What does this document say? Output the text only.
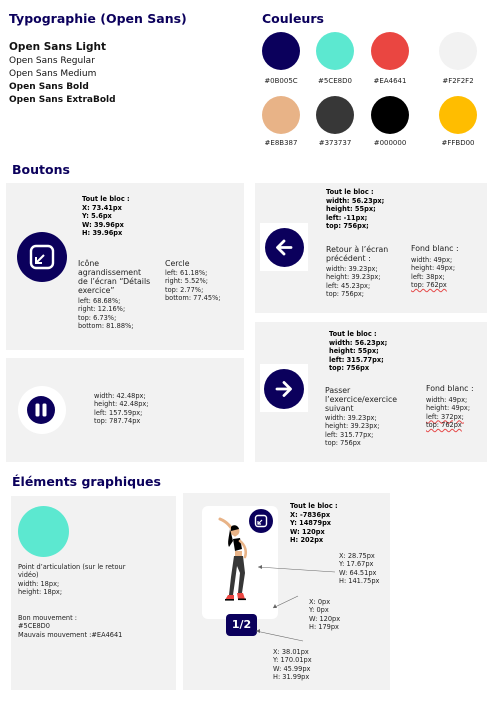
Typographie (Open Sans)
Open Sans Light
Open Sans Regular
Open Sans Medium
Open Sans Bold
Open Sans ExtraBold
Couleurs
#0B005C	#5CE8D0	#EA4641	#F2F2F2
#E8B387	#373737	#000000	#FFBD00
Boutons
Tout le bloc :
X: 73.41px
Y: 5.6px
W: 39.96px
H: 39.96px
Icône
agrandissement
de l’écran “Détails
exercice”
left: 68.68%;
right: 12.16%;
top: 6.73%;
bottom: 81.88%;
Cercle
left: 61.18%;
right: 5.52%;
top: 2.77%;
bottom: 77.45%;
width: 42.48px;
height: 42.48px;
left: 157.59px;
top: 787.74px
Tout le bloc :
width: 56.23px;
height: 55px;
left: -11px;
top: 756px;
Retour à l’écran
précédent :
width: 39.23px;
height: 39.23px;
left: 45.23px;
top: 756px;
Fond blanc :
width: 49px;
height: 49px;
left: 38px;
top: 762px
Tout le bloc :
width: 56.23px;
height: 55px;
left: 315.77px;
top: 756px
Passer
l’exercice/exercice
suivant
width: 39.23px;
height: 39.23px;
left: 315.77px;
top: 756px
Fond blanc :
width: 49px;
height: 49px;
left: 372px;
top: 762px
Éléments graphiques
Point d’articulation (sur le retour
vidéo)
width: 18px;
height: 18px;
Bon mouvement :
#5CE8D0
Mauvais mouvement :#EA4641
1/2
Tout le bloc :
X: -7836px
Y: 14879px
W: 120px
H: 202px
X: 28.75px
Y: 17.67px
W: 64.51px
H: 141.75px
X: 0px
Y: 0px
W: 120px
H: 179px
X: 38.01px
Y: 170.01px
W: 45.99px
H: 31.99px
